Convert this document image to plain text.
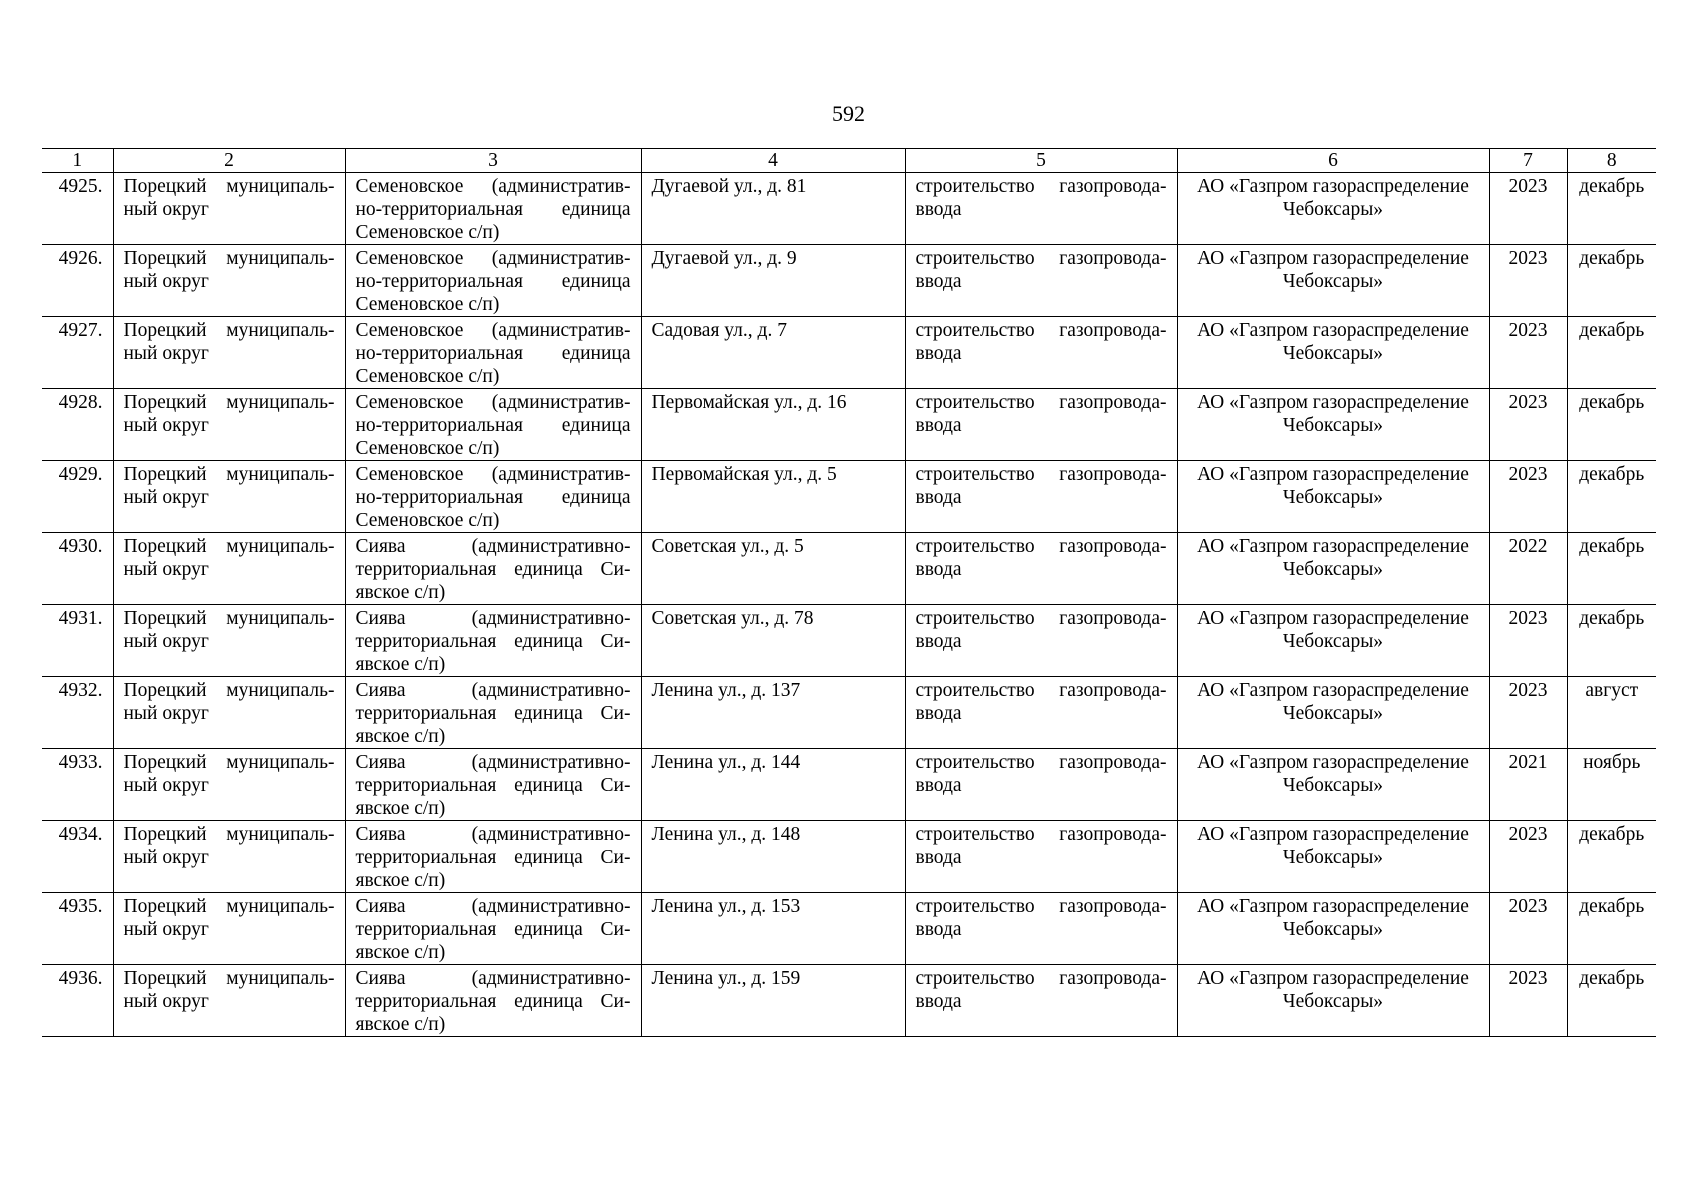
592
1	2	3	4	5	6	7	8
4925.	Порецкий муниципаль-ный округ	Семеновское (административ-но-территориальная единица Семеновское с/п)	Дугаевой ул., д. 81	строительство газопровода-ввода	АО «Газпром газораспределение Чебоксары»	2023	декабрь
4926.	Порецкий муниципаль-ный округ	Семеновское (административ-но-территориальная единица Семеновское с/п)	Дугаевой ул., д. 9	строительство газопровода-ввода	АО «Газпром газораспределение Чебоксары»	2023	декабрь
4927.	Порецкий муниципаль-ный округ	Семеновское (административ-но-территориальная единица Семеновское с/п)	Садовая ул., д. 7	строительство газопровода-ввода	АО «Газпром газораспределение Чебоксары»	2023	декабрь
4928.	Порецкий муниципаль-ный округ	Семеновское (административ-но-территориальная единица Семеновское с/п)	Первомайская ул., д. 16	строительство газопровода-ввода	АО «Газпром газораспределение Чебоксары»	2023	декабрь
4929.	Порецкий муниципаль-ный округ	Семеновское (административ-но-территориальная единица Семеновское с/п)	Первомайская ул., д. 5	строительство газопровода-ввода	АО «Газпром газораспределение Чебоксары»	2023	декабрь
4930.	Порецкий муниципаль-ный округ	Сиява (административно-территориальная единица Си-явское с/п)	Советская ул., д. 5	строительство газопровода-ввода	АО «Газпром газораспределение Чебоксары»	2022	декабрь
4931.	Порецкий муниципаль-ный округ	Сиява (административно-территориальная единица Си-явское с/п)	Советская ул., д. 78	строительство газопровода-ввода	АО «Газпром газораспределение Чебоксары»	2023	декабрь
4932.	Порецкий муниципаль-ный округ	Сиява (административно-территориальная единица Си-явское с/п)	Ленина ул., д. 137	строительство газопровода-ввода	АО «Газпром газораспределение Чебоксары»	2023	август
4933.	Порецкий муниципаль-ный округ	Сиява (административно-территориальная единица Си-явское с/п)	Ленина ул., д. 144	строительство газопровода-ввода	АО «Газпром газораспределение Чебоксары»	2021	ноябрь
4934.	Порецкий муниципаль-ный округ	Сиява (административно-территориальная единица Си-явское с/п)	Ленина ул., д. 148	строительство газопровода-ввода	АО «Газпром газораспределение Чебоксары»	2023	декабрь
4935.	Порецкий муниципаль-ный округ	Сиява (административно-территориальная единица Си-явское с/п)	Ленина ул., д. 153	строительство газопровода-ввода	АО «Газпром газораспределение Чебоксары»	2023	декабрь
4936.	Порецкий муниципаль-ный округ	Сиява (административно-территориальная единица Си-явское с/п)	Ленина ул., д. 159	строительство газопровода-ввода	АО «Газпром газораспределение Чебоксары»	2023	декабрь
